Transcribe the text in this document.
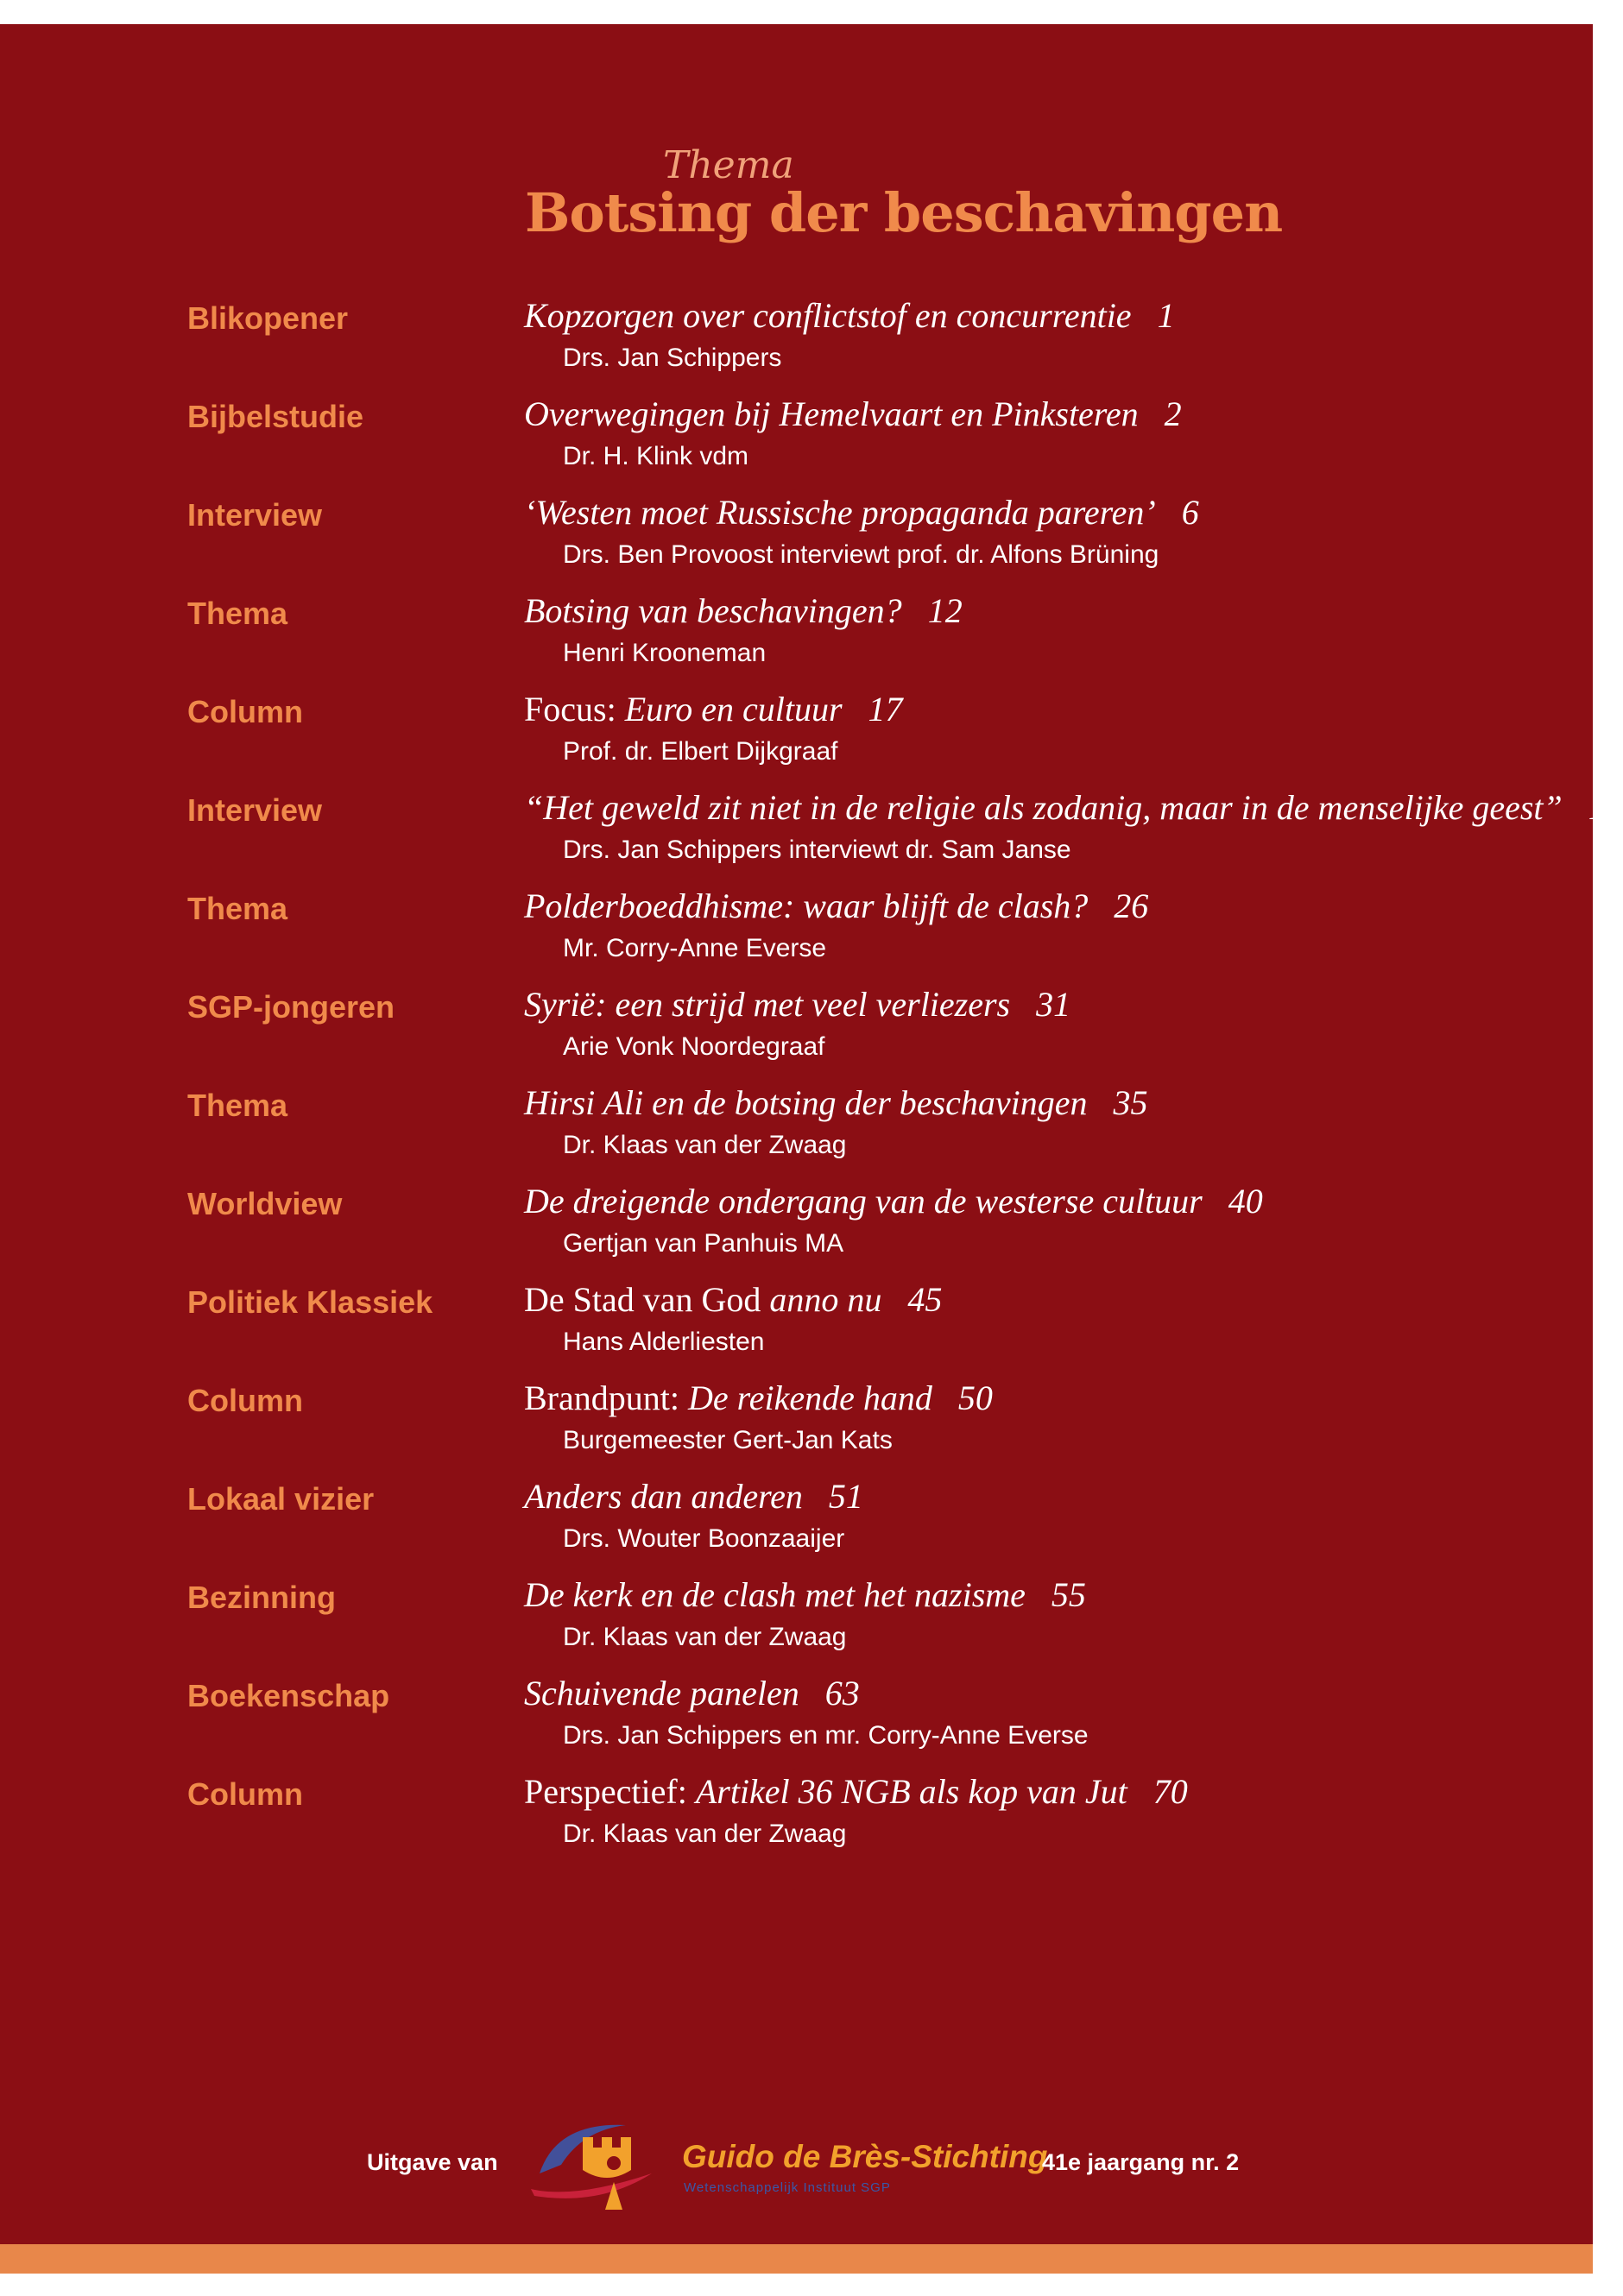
Thema
Botsing der beschavingen
Blikopener	Kopzorgen over conflictstof en concurrentie 1
Drs. Jan Schippers
Bijbelstudie	Overwegingen bij Hemelvaart en Pinksteren 2
Dr. H. Klink vdm
Interview	‘Westen moet Russische propaganda pareren’ 6
Drs. Ben Provoost interviewt prof. dr. Alfons Brüning
Thema	Botsing van beschavingen? 12
Henri Krooneman
Column	Focus: Euro en cultuur 17
Prof. dr. Elbert Dijkgraaf
Interview	“Het geweld zit niet in de religie als zodanig, maar in de menselijke geest” 18
Drs. Jan Schippers interviewt dr. Sam Janse
Thema	Polderboeddhisme: waar blijft de clash? 26
Mr. Corry-Anne Everse
SGP-jongeren	Syrië: een strijd met veel verliezers 31
Arie Vonk Noordegraaf
Thema	Hirsi Ali en de botsing der beschavingen 35
Dr. Klaas van der Zwaag
Worldview	De dreigende ondergang van de westerse cultuur 40
Gertjan van Panhuis MA
Politiek Klassiek	De Stad van God anno nu 45
Hans Alderliesten
Column	Brandpunt: De reikende hand 50
Burgemeester Gert-Jan Kats
Lokaal vizier	Anders dan anderen 51
Drs. Wouter Boonzaaijer
Bezinning	De kerk en de clash met het nazisme 55
Dr. Klaas van der Zwaag
Boekenschap	Schuivende panelen 63
Drs. Jan Schippers en mr. Corry-Anne Everse
Column	Perspectief: Artikel 36 NGB als kop van Jut 70
Dr. Klaas van der Zwaag
Uitgave van	Guido de Brès-Stichting
Wetenschappelijk Instituut SGP
41e jaargang nr. 2
